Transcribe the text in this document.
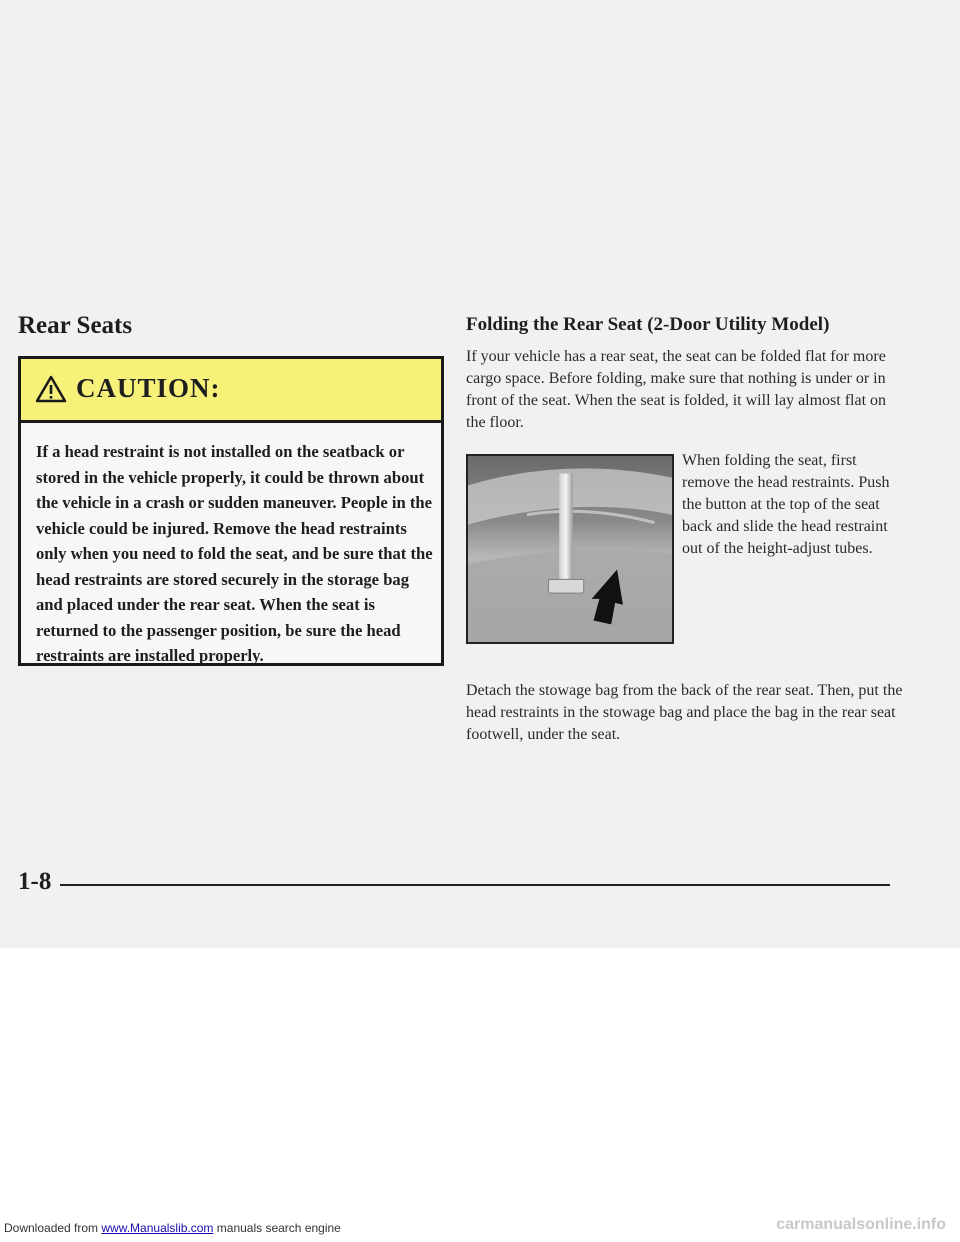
Rear Seats
CAUTION:

If a head restraint is not installed on the seatback or stored in the vehicle properly, it could be thrown about the vehicle in a crash or sudden maneuver. People in the vehicle could be injured. Remove the head restraints only when you need to fold the seat, and be sure that the head restraints are stored securely in the storage bag and placed under the rear seat. When the seat is returned to the passenger position, be sure the head restraints are installed properly.

Folding the Rear Seat (2-Door Utility Model)

If your vehicle has a rear seat, the seat can be folded flat for more cargo space. Before folding, make sure that nothing is under or in front of the seat. When the seat is folded, it will lay almost flat on the floor.

When folding the seat, first remove the head restraints. Push the button at the top of the seat back and slide the head restraint out of the height-adjust tubes.

Detach the stowage bag from the back of the rear seat. Then, put the head restraints in the stowage bag and place the bag in the rear seat footwell, under the seat.

1-8
Downloaded from www.Manualslib.com manuals search engine	carmanualsonline.info
